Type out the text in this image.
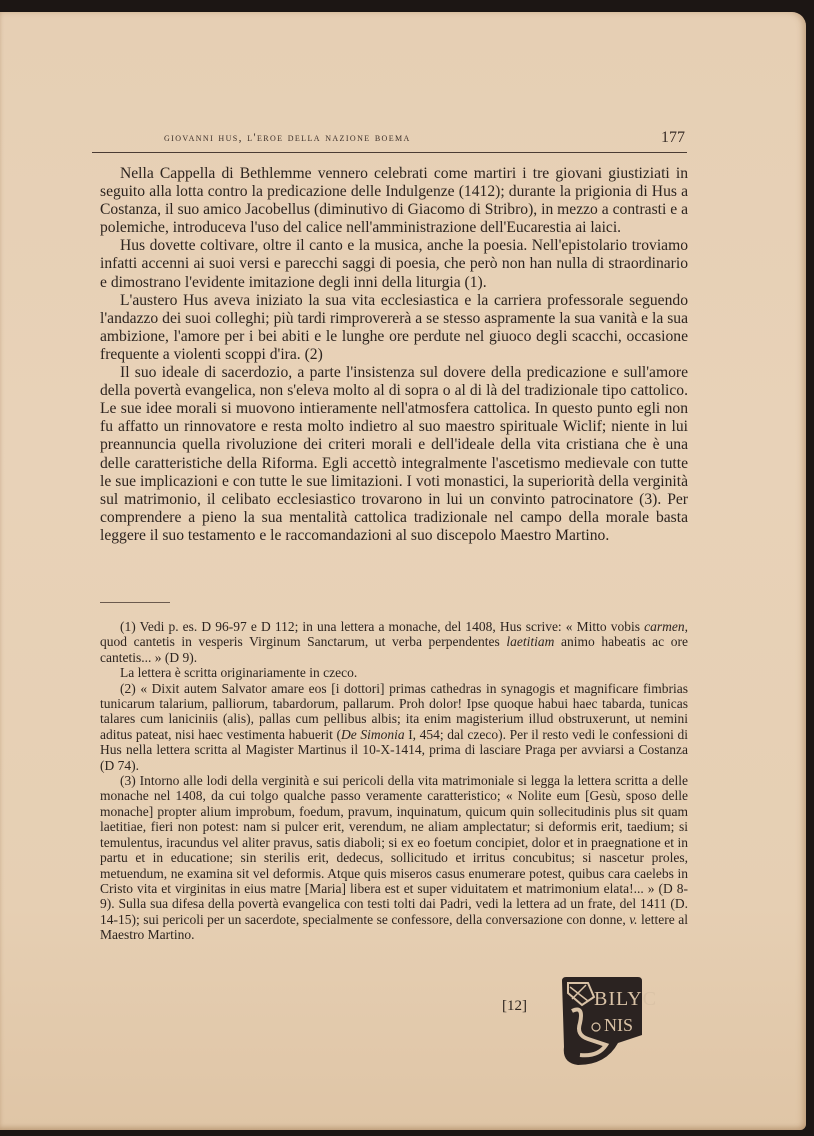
giovanni hus, l'eroe della nazione boema	177

Nella Cappella di Bethlemme vennero celebrati come martiri i tre giovani giustiziati in seguito alla lotta contro la predicazione delle Indulgenze (1412); durante la prigionia di Hus a Costanza, il suo amico Jacobellus (diminutivo di Giacomo di Stribro), in mezzo a contrasti e a polemiche, introduceva l'uso del calice nell'amministrazione dell'Eucarestia ai laici.

Hus dovette coltivare, oltre il canto e la musica, anche la poesia. Nell'epistolario troviamo infatti accenni ai suoi versi e parecchi saggi di poesia, che però non han nulla di straordinario e dimostrano l'evidente imitazione degli inni della liturgia (1).

L'austero Hus aveva iniziato la sua vita ecclesiastica e la carriera professorale seguendo l'andazzo dei suoi colleghi; più tardi rimprovererà a se stesso aspramente la sua vanità e la sua ambizione, l'amore per i bei abiti e le lunghe ore perdute nel giuoco degli scacchi, occasione frequente a violenti scoppi d'ira. (2)

Il suo ideale di sacerdozio, a parte l'insistenza sul dovere della predicazione e sull'amore della povertà evangelica, non s'eleva molto al di sopra o al di là del tradizionale tipo cattolico. Le sue idee morali si muovono intieramente nell'atmosfera cattolica. In questo punto egli non fu affatto un rinnovatore e resta molto indietro al suo maestro spirituale Wiclif; niente in lui preannuncia quella rivoluzione dei criteri morali e dell'ideale della vita cristiana che è una delle caratteristiche della Riforma. Egli accettò integralmente l'ascetismo medievale con tutte le sue implicazioni e con tutte le sue limitazioni. I voti monastici, la superiorità della verginità sul matrimonio, il celibato ecclesiastico trovarono in lui un convinto patrocinatore (3). Per comprendere a pieno la sua mentalità cattolica tradizionale nel campo della morale basta leggere il suo testamento e le raccomandazioni al suo discepolo Maestro Martino.

(1) Vedi p. es. D 96-97 e D 112; in una lettera a monache, del 1408, Hus scrive: « Mitto vobis carmen, quod cantetis in vesperis Virginum Sanctarum, ut verba perpendentes laetitiam animo habeatis ac ore cantetis... » (D 9).

La lettera è scritta originariamente in czeco.

(2) « Dixit autem Salvator amare eos [i dottori] primas cathedras in synagogis et magnificare fimbrias tunicarum talarium, palliorum, tabardorum, pallarum. Proh dolor! Ipse quoque habui haec tabarda, tunicas talares cum laniciniis (alis), pallas cum pellibus albis; ita enim magisterium illud obstruxerunt, ut nemini aditus pateat, nisi haec vestimenta habuerit (De Simonia I, 454; dal czeco). Per il resto vedi le confessioni di Hus nella lettera scritta al Magister Martinus il 10-X-1414, prima di lasciare Praga per avviarsi a Costanza (D 74).

(3) Intorno alle lodi della verginità e sui pericoli della vita matrimoniale si legga la lettera scritta a delle monache nel 1408, da cui tolgo qualche passo veramente caratteristico; « Nolite eum [Gesù, sposo delle monache] propter alium improbum, foedum, pravum, inquinatum, quicum quin sollecitudinis plus sit quam laetitiae, fieri non potest: nam si pulcer erit, verendum, ne aliam amplectatur; si deformis erit, taedium; si temulentus, iracundus vel aliter pravus, satis diaboli; si ex eo foetum concipiet, dolor et in praegnatione et in partu et in educatione; sin sterilis erit, dedecus, sollicitudo et irritus concubitus; si nascetur proles, metuendum, ne examina sit vel deformis. Atque quis miseros casus enumerare potest, quibus cara caelebs in Cristo vita et virginitas in eius matre [Maria] libera est et super viduitatem et matrimonium elata!... » (D 8-9). Sulla sua difesa della povertà evangelica con testi tolti dai Padri, vedi la lettera ad un frate, del 1411 (D. 14-15); sui pericoli per un sacerdote, specialmente se confessore, della conversazione con donne, v. lettere al Maestro Martino.

[12]	BILYC
NIS
